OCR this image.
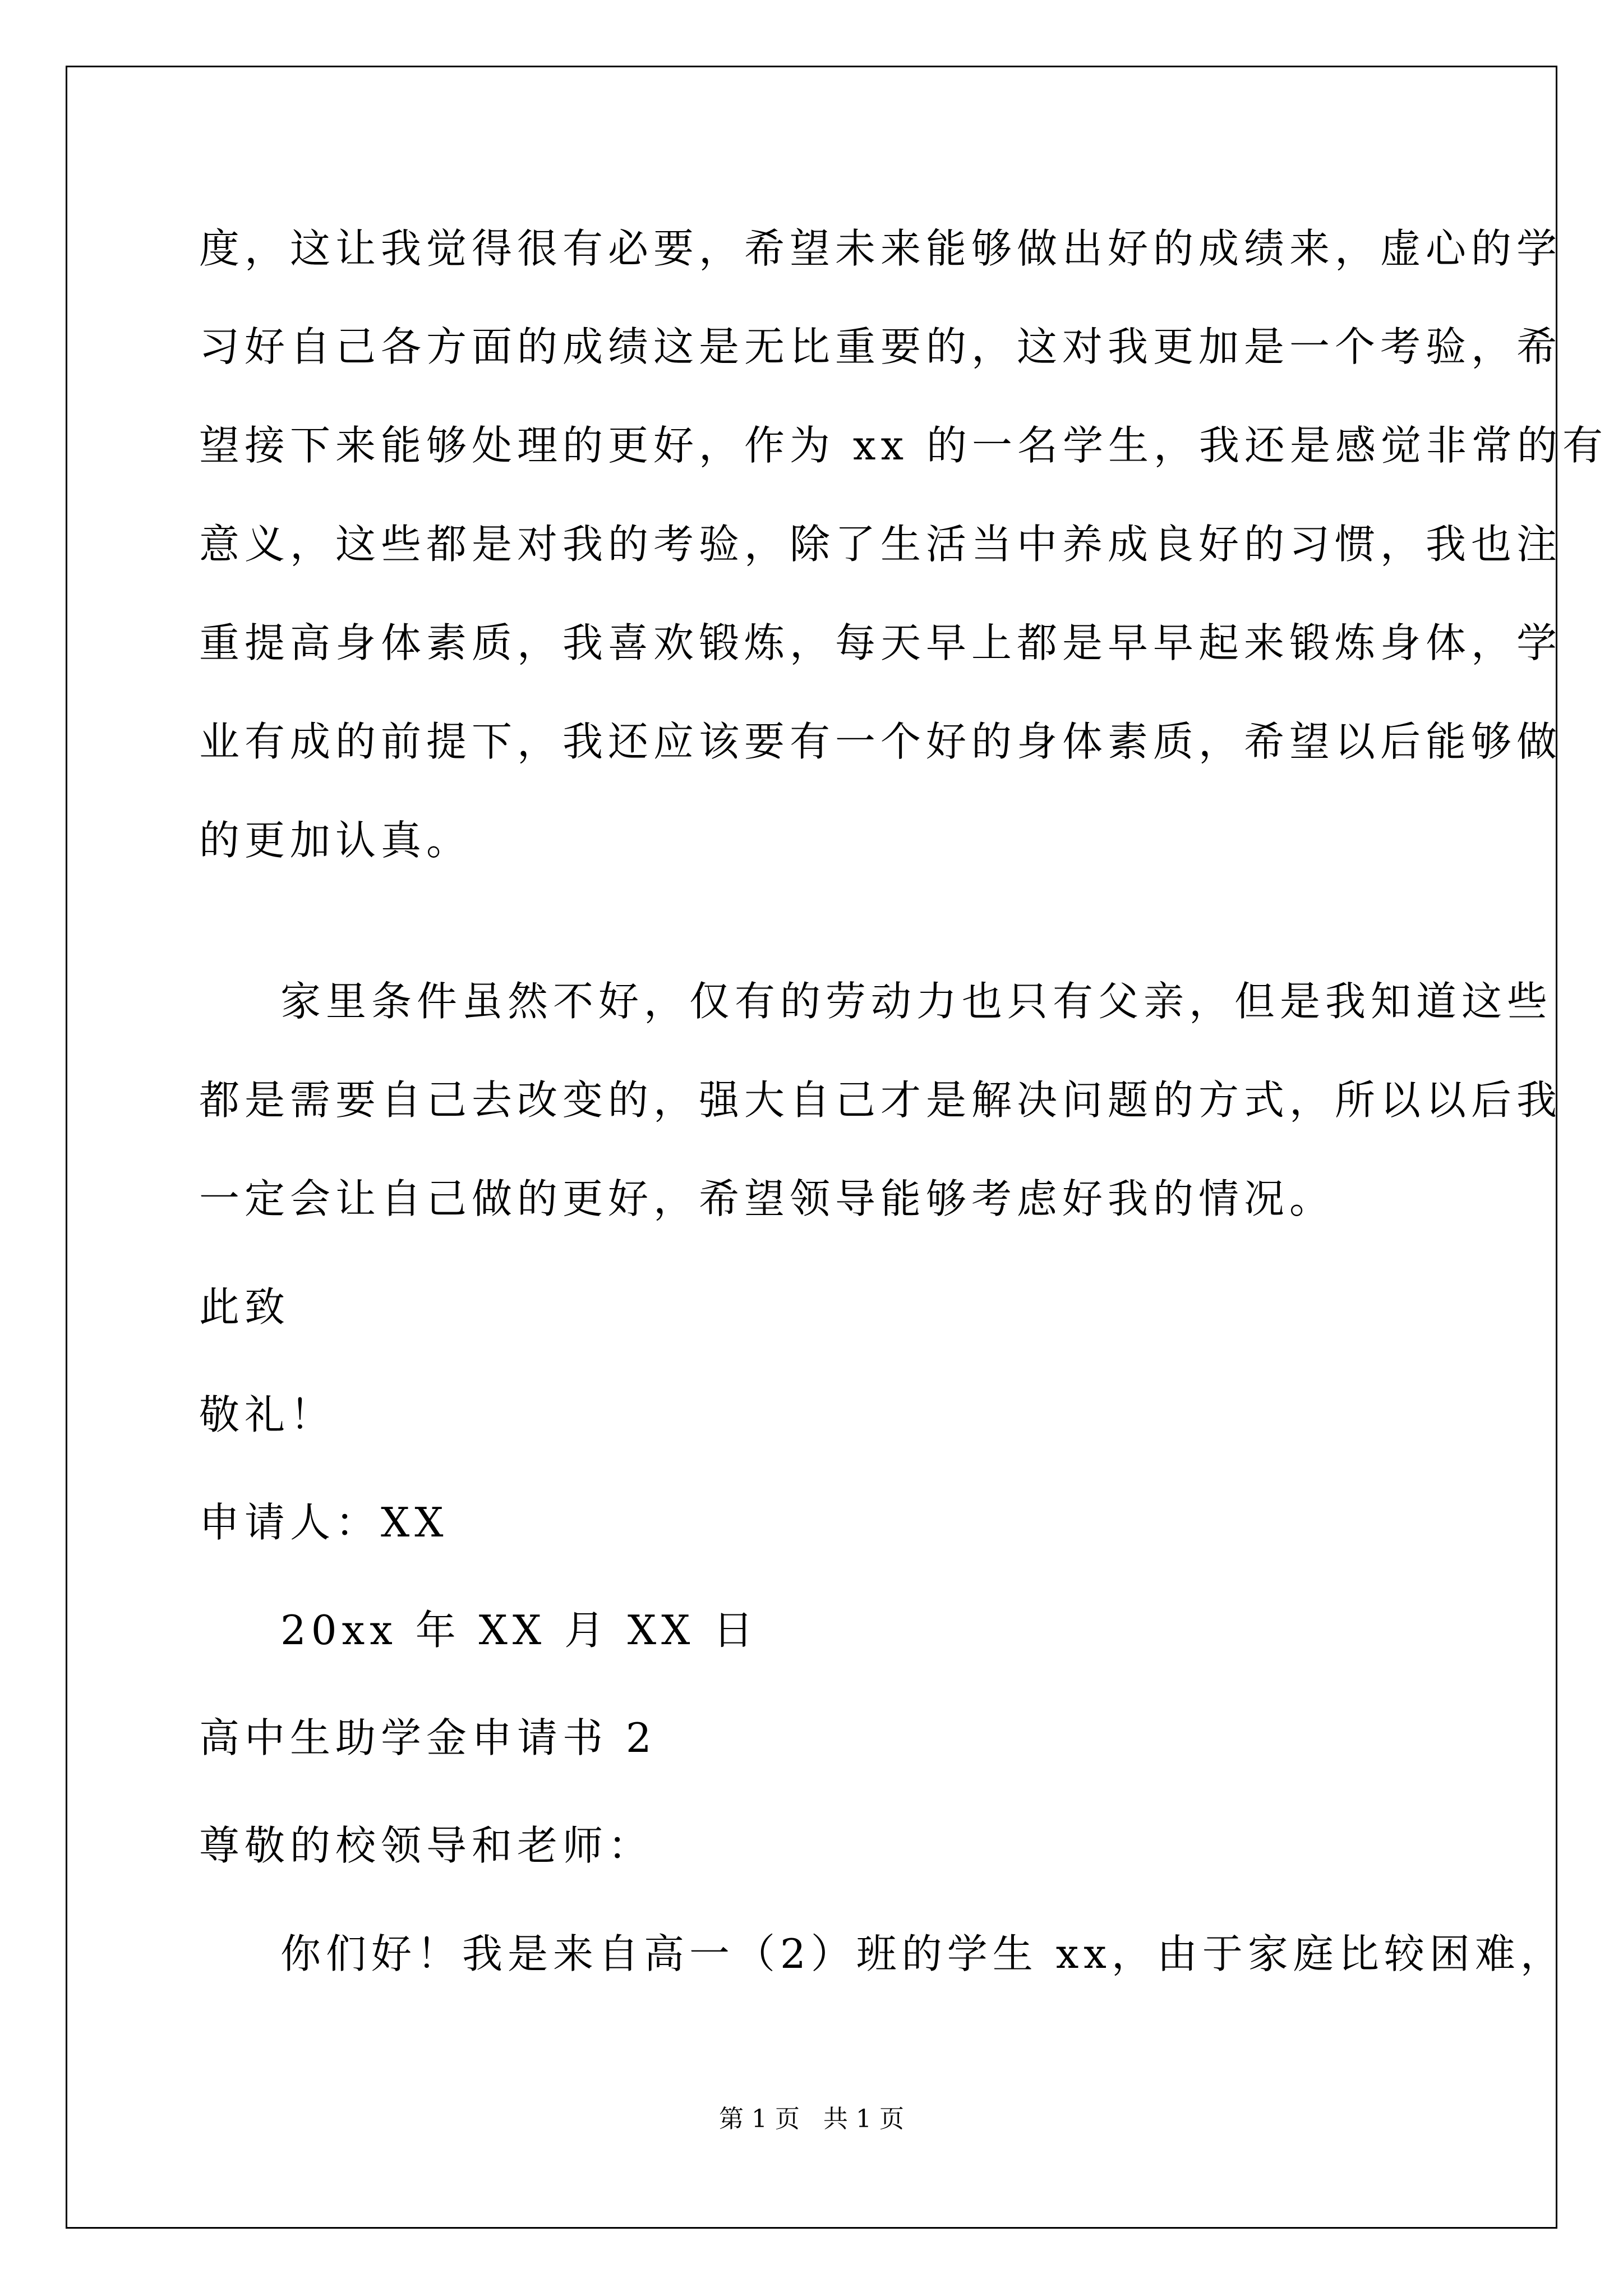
度，这让我觉得很有必要，希望未来能够做出好的成绩来，虚心的学
习好自己各方面的成绩这是无比重要的，这对我更加是一个考验，希
望接下来能够处理的更好，作为 xx 的一名学生，我还是感觉非常的有
意义，这些都是对我的考验，除了生活当中养成良好的习惯，我也注
重提高身体素质，我喜欢锻炼，每天早上都是早早起来锻炼身体，学
业有成的前提下，我还应该要有一个好的身体素质，希望以后能够做
的更加认真。
家里条件虽然不好，仅有的劳动力也只有父亲，但是我知道这些
都是需要自己去改变的，强大自己才是解决问题的方式，所以以后我
一定会让自己做的更好，希望领导能够考虑好我的情况。
此致
敬礼！
申请人：XX
20xx 年 XX 月 XX 日
高中生助学金申请书 2
尊敬的校领导和老师：
你们好！我是来自高一（2）班的学生 xx，由于家庭比较困难，
第 1 页   共 1 页
